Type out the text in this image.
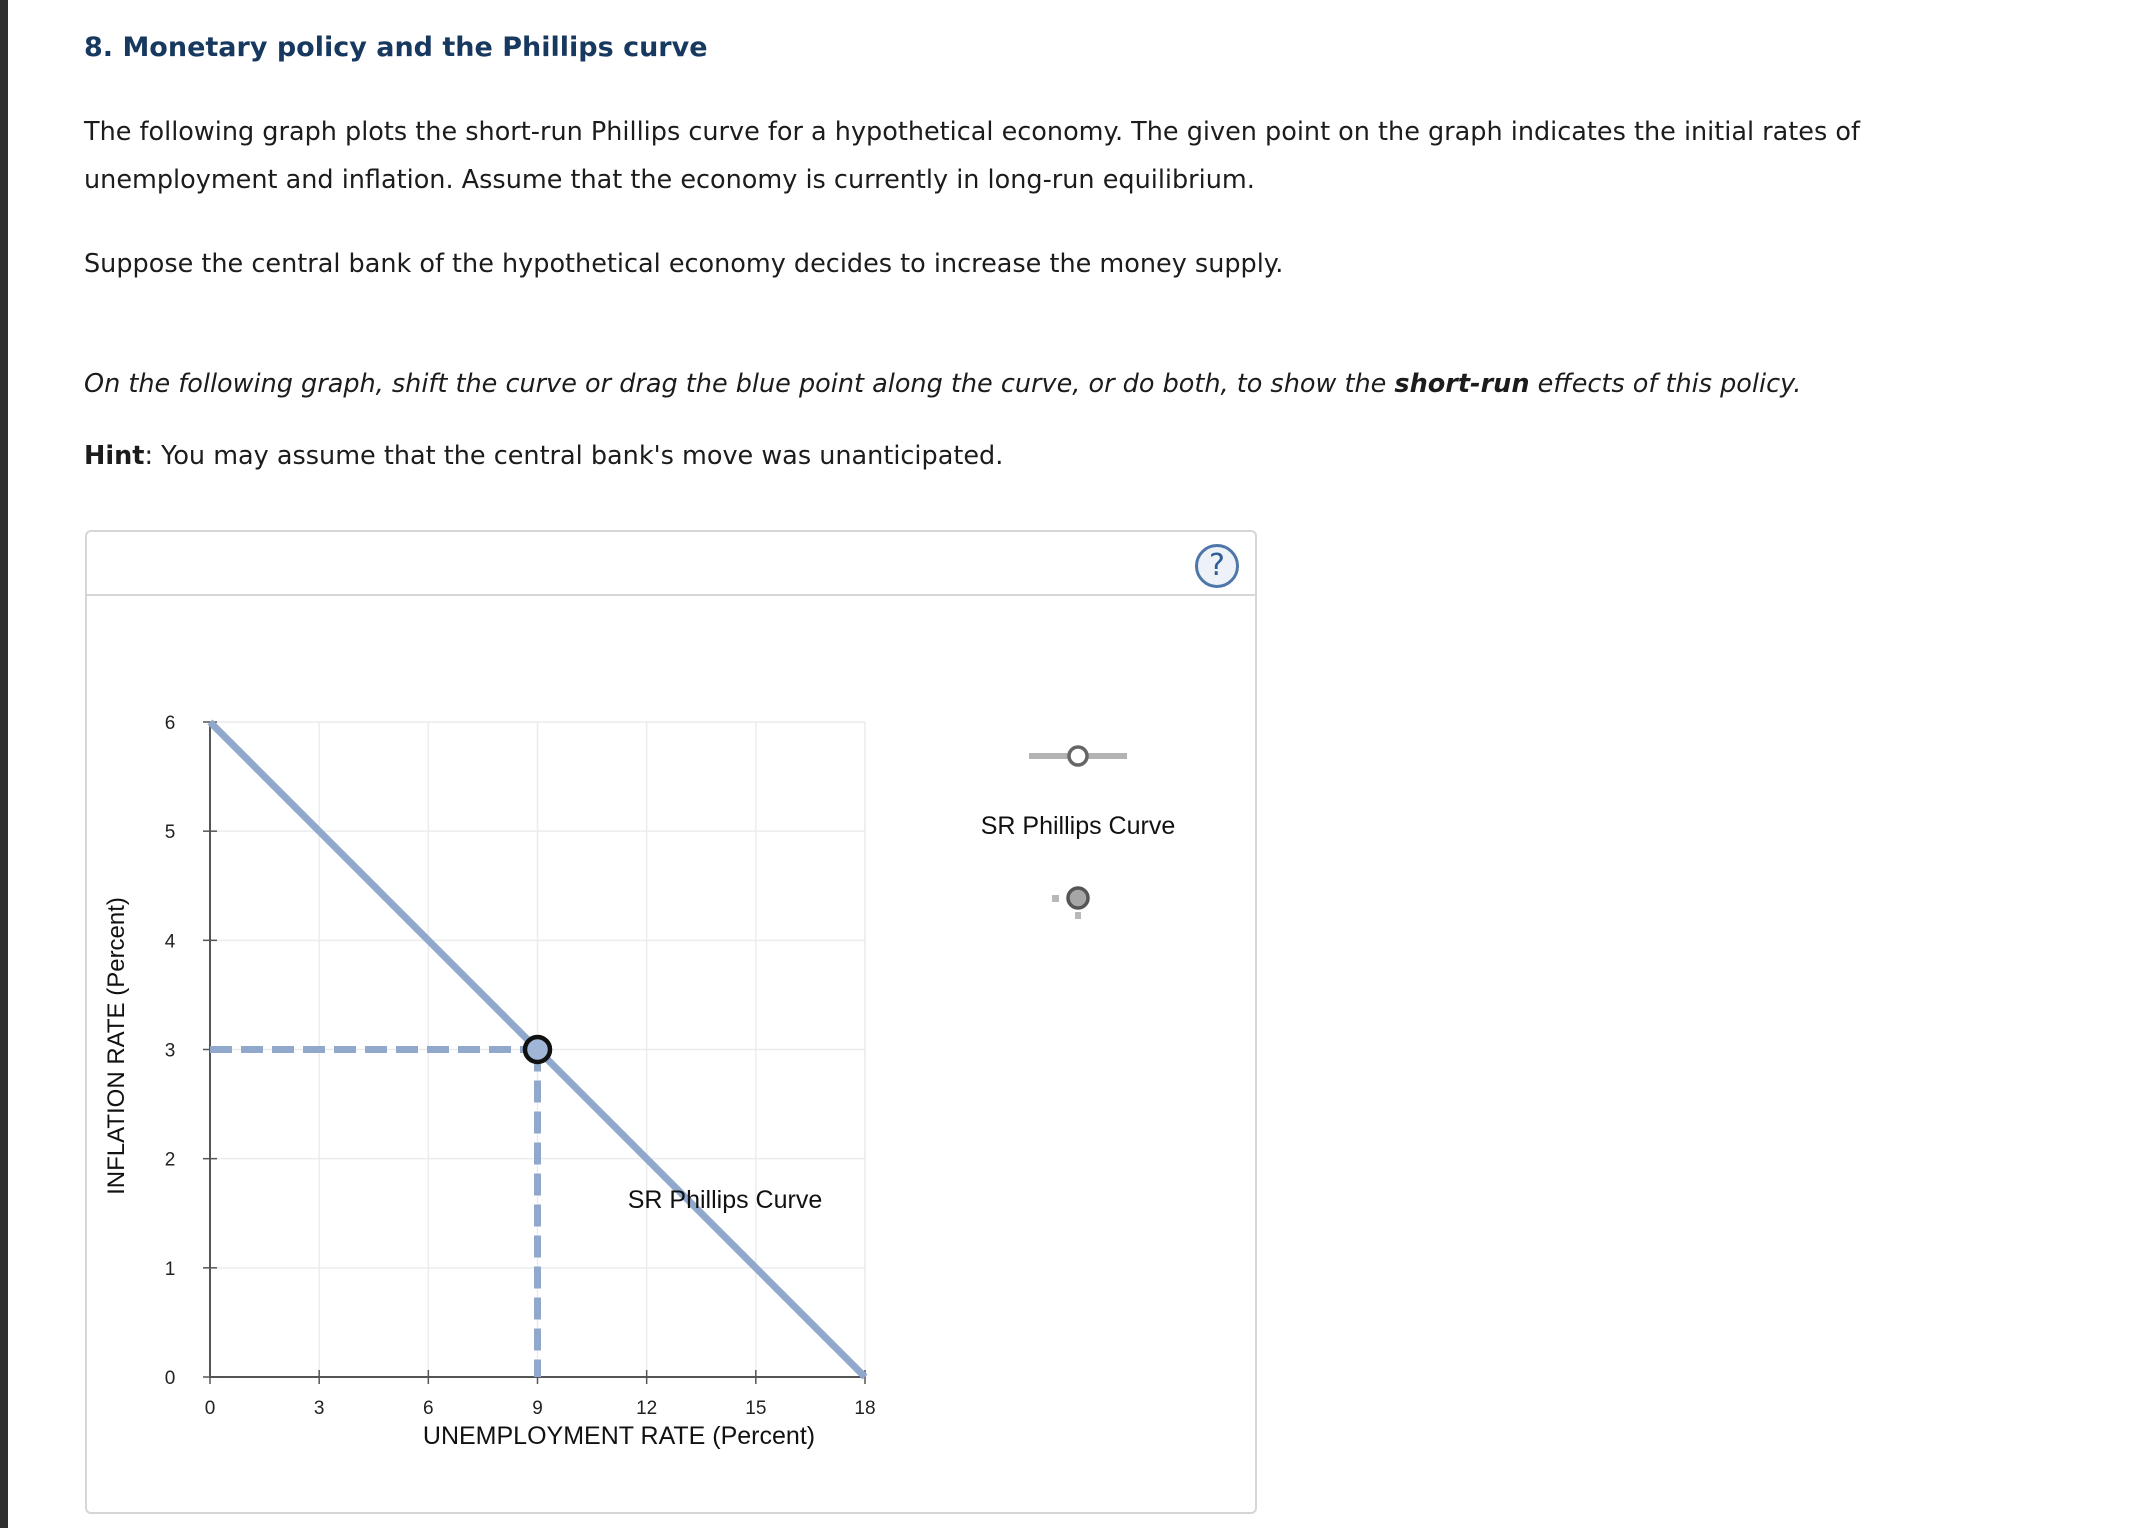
8. Monetary policy and the Phillips curve
The following graph plots the short-run Phillips curve for a hypothetical economy. The given point on the graph indicates the initial rates of unemployment and inflation. Assume that the economy is currently in long-run equilibrium.
Suppose the central bank of the hypothetical economy decides to increase the money supply.
On the following graph, shift the curve or drag the blue point along the curve, or do both, to show the short-run effects of this policy.
Hint: You may assume that the central bank's move was unanticipated.
?
0	3	6	9	12	15	18
0
1
2
3
4
5
6
UNEMPLOYMENT RATE (Percent)
INFLATION RATE (Percent)
SR Phillips Curve
SR Phillips Curve
